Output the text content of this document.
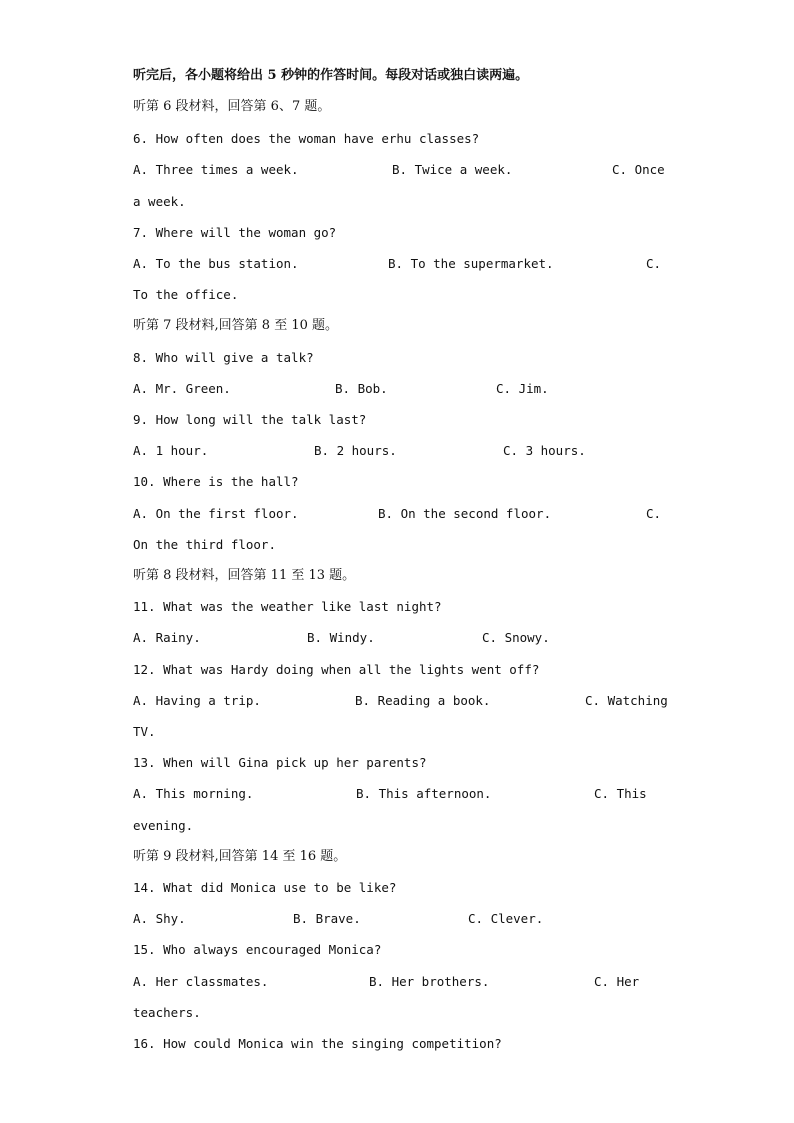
听完后，各小题将给出 5 秒钟的作答时间。每段对话或独白读两遍。
听第 6 段材料，回答第 6、7 题。
6. How often does the woman have erhu classes?
A. Three times a week.	B. Twice a week.	C. Once
a week.
7. Where will the woman go?
A. To the bus station.	B. To the supermarket.	C.
To the office.
听第 7 段材料,回答第 8 至 10 题。
8. Who will give a talk?
A. Mr. Green.	B. Bob.	C. Jim.
9. How long will the talk last?
A. 1 hour.	B. 2 hours.	C. 3 hours.
10. Where is the hall?
A. On the first floor.	B. On the second floor.	C.
On the third floor.
听第 8 段材料，回答第 11 至 13 题。
11. What was the weather like last night?
A. Rainy.	B. Windy.	C. Snowy.
12. What was Hardy doing when all the lights went off?
A. Having a trip.	B. Reading a book.	C. Watching
TV.
13. When will Gina pick up her parents?
A. This morning.	B. This afternoon.	C. This
evening.
听第 9 段材料,回答第 14 至 16 题。
14. What did Monica use to be like?
A. Shy.	B. Brave.	C. Clever.
15. Who always encouraged Monica?
A. Her classmates.	B. Her brothers.	C. Her
teachers.
16. How could Monica win the singing competition?
